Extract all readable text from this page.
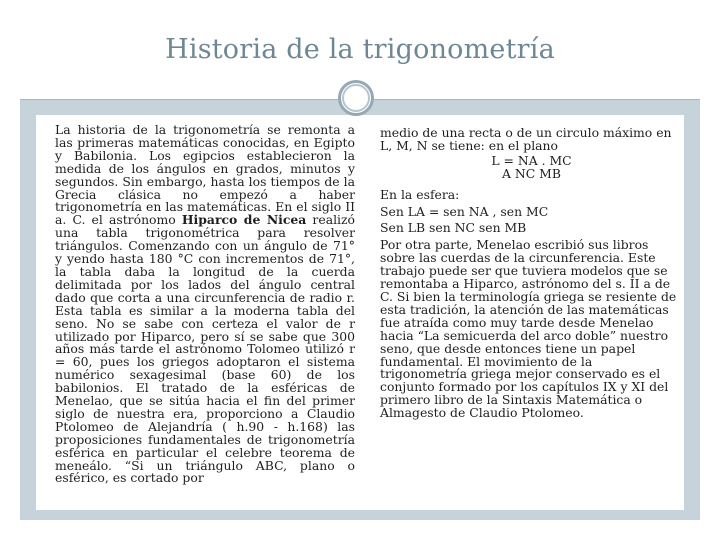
Historia de la trigonometría

La historia de la trigonometría se remonta a las primeras matemáticas conocidas, en Egipto y Babilonia. Los egipcios establecieron la medida de los ángulos en grados, minutos y segundos. Sin embargo, hasta los tiempos de la Grecia clásica no empezó a haber trigonometría en las matemáticas. En el siglo II a. C. el astrónomo Hiparco de Nicea realizó una tabla trigonométrica para resolver triángulos. Comenzando con un ángulo de 71° y yendo hasta 180 °C con incrementos de 71°, la tabla daba la longitud de la cuerda delimitada por los lados del ángulo central dado que corta a una circunferencia de radio r. Esta tabla es similar a la moderna tabla del seno. No se sabe con certeza el valor de r utilizado por Hiparco, pero sí se sabe que 300 años más tarde el astrónomo Tolomeo utilizó r = 60, pues los griegos adoptaron el sistema numérico sexagesimal (base 60) de los babilonios. El tratado de la esféricas de Menelao, que se sitúa hacia el fin del primer siglo de nuestra era, proporciono a Claudio Ptolomeo de Alejandría ( h.90 - h.168) las proposiciones fundamentales de trigonometría esférica en particular el celebre teorema de meneálo. “Si un triángulo ABC, plano o esférico, es cortado por

medio de una recta o de un circulo máximo en L, M, N se tiene: en el plano
L = NA . MC
A NC MB
En la esfera:
Sen LA = sen NA , sen MC
Sen LB sen NC sen MB
Por otra parte, Menelao escribió sus libros sobre las cuerdas de la circunferencia. Este trabajo puede ser que tuviera modelos que se remontaba a Hiparco, astrónomo del s. II a de C. Si bien la terminología griega se resiente de esta tradición, la atención de las matemáticas fue atraída como muy tarde desde Menelao hacia “La semicuerda del arco doble” nuestro seno, que desde entonces tiene un papel fundamental. El movimiento de la trigonometría griega mejor conservado es el conjunto formado por los capítulos IX y XI del primero libro de la Sintaxis Matemática o Almagesto de Claudio Ptolomeo.
